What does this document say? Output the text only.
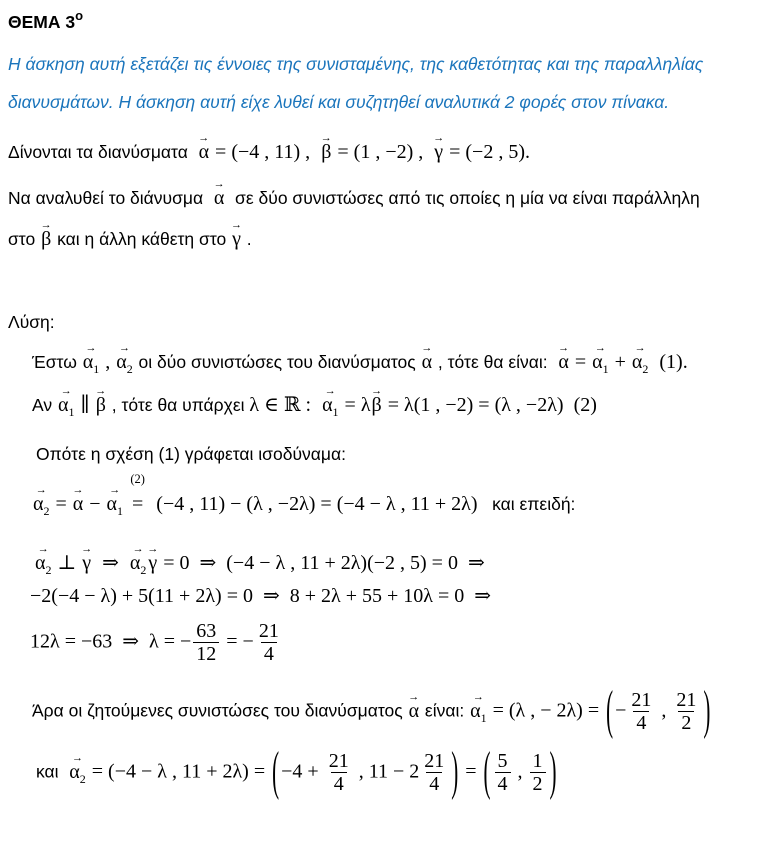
ΘΕΜΑ $3^o$
Η άσκηση αυτή εξετάζει τις έννοιες της συνισταμένης, της καθετότητας και της παραλληλίας
διανυσμάτων. Η άσκηση αυτή είχε λυθεί και συζητηθεί αναλυτικά 2 φορές στον πίνακα.
Δίνονται τα διανύσματα
→
α = (−4 , 11) ,
→
β = (1 , −2) ,
→
γ = (−2 , 5).
Να αναλυθεί το διάνυσμα
→
α  σε δύο συνιστώσες από τις οποίες η μία να είναι παράλληλη
στο
→
β και η άλλη κάθετη στο
→
γ .
Λύση:
Έστω
→
$\alpha_1$ ,
→
$\alpha_2$ οι δύο συνιστώσες του διανύσματος
→
α , τότε θα είναι:
→
α =
→
$\alpha_1$ +
→
$\alpha_2$  (1).
Αν
→
$\alpha_1$ ∥
→
β , τότε θα υπάρχει λ ∈ ℝ :
→
$\alpha_1 = \lambda$
→
β = λ(1 , −2) = (λ , −2λ)  (2)
Οπότε η σχέση (1) γράφεται ισοδύναμα:
→
$\alpha_2$ =
→
α −
→
$\alpha_1$
(2)
= (−4 , 11) − (λ , −2λ) = (−4 − λ , 11 + 2λ)   και επειδή:
→
$\alpha_2$ ⊥
→
γ  ⇒
→
$\alpha_2$
→
γ = 0  ⇒  (−4 − λ , 11 + 2λ)(−2 , 5) = 0  ⇒
−2(−4 − λ) + 5(11 + 2λ) = 0  ⇒  8 + 2λ + 55 + 10λ = 0  ⇒
12λ = −63  ⇒  λ = − $\frac{63}{12}$ = − $\frac{21}{4}$
Άρα οι ζητούμενες συνιστώσες του διανύσματος
→
α είναι:
→
$\alpha_1 = (\lambda$ , − 2λ) = ( − $\frac{21}{4}$ , $\frac{21}{2}$ )
και
→
$\alpha_2 = (-4 - \lambda$ , 11 + 2λ) = ( $-4 + \frac{21}{4}$ , $11 - 2 \frac{21}{4}$ ) = ( $\frac{5}{4}$ , $\frac{1}{2}$ )
